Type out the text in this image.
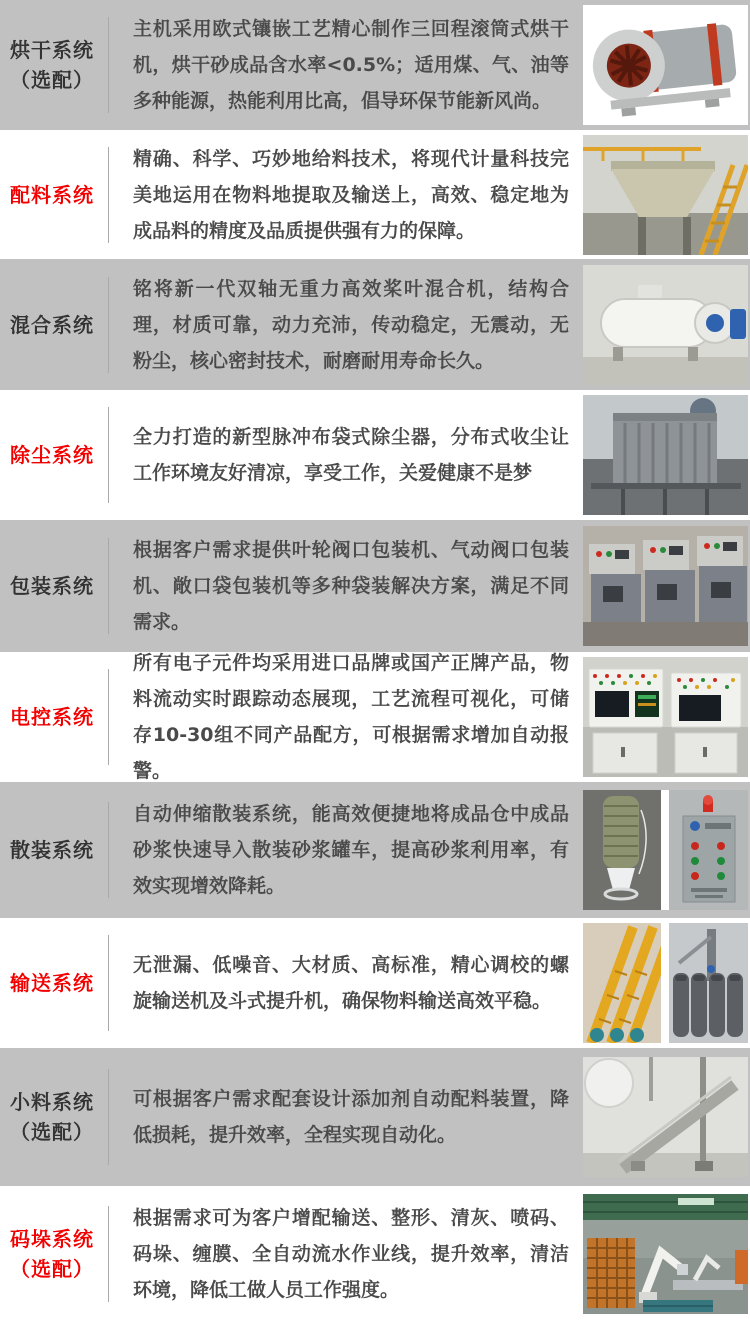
烘干系统
（选配）
主机采用欧式镶嵌工艺精心制作三回程滚筒式烘干机，烘干砂成品含水率<0.5%；适用煤、气、油等多种能源，热能利用比高，倡导环保节能新风尚。
配料系统
精确、科学、巧妙地给料技术，将现代计量科技完美地运用在物料地提取及输送上，高效、稳定地为成品料的精度及品质提供强有力的保障。
混合系统
铭将新一代双轴无重力高效桨叶混合机，结构合理，材质可靠，动力充沛，传动稳定，无震动，无粉尘，核心密封技术，耐磨耐用寿命长久。
除尘系统
全力打造的新型脉冲布袋式除尘器，分布式收尘让工作环境友好清凉，享受工作，关爱健康不是梦
包装系统
根据客户需求提供叶轮阀口包装机、气动阀口包装机、敞口袋包装机等多种袋装解决方案，满足不同需求。
电控系统
所有电子元件均采用进口品牌或国产正牌产品，物料流动实时跟踪动态展现，工艺流程可视化，可储存10-30组不同产品配方，可根据需求增加自动报警。
散装系统
自动伸缩散装系统，能高效便捷地将成品仓中成品砂浆快速导入散装砂浆罐车，提高砂浆利用率，有效实现增效降耗。
输送系统
无泄漏、低噪音、大材质、高标准，精心调校的螺旋输送机及斗式提升机，确保物料输送高效平稳。
小料系统
（选配）
可根据客户需求配套设计添加剂自动配料装置，降低损耗，提升效率，全程实现自动化。
码垛系统
（选配）
根据需求可为客户增配输送、整形、清灰、喷码、码垛、缠膜、全自动流水作业线，提升效率，清洁环境，降低工做人员工作强度。
